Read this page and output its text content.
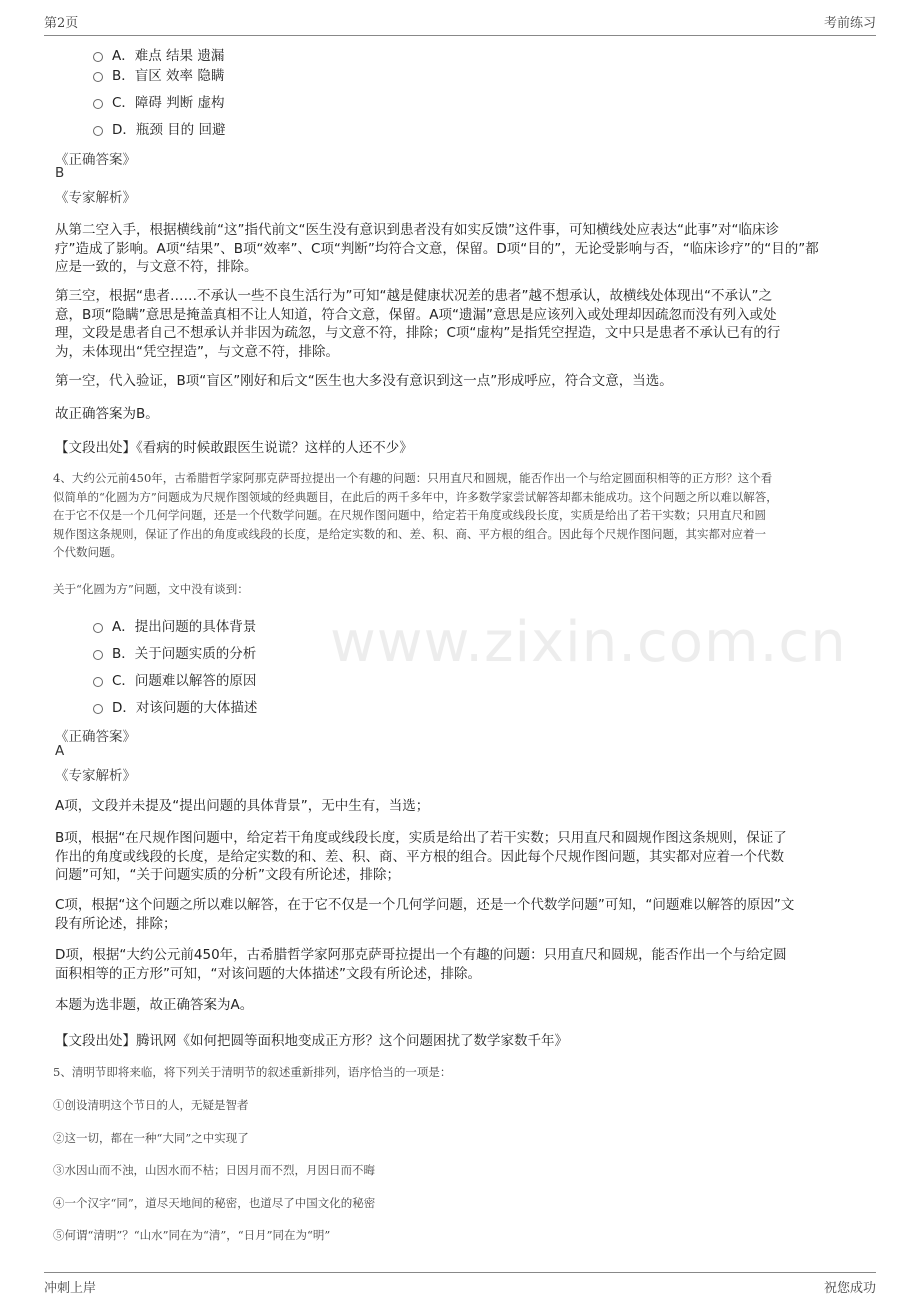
第2页	考前练习
www.zixin.com.cn
A．难点 结果 遗漏
B．盲区 效率 隐瞒
C．障碍 判断 虚构
D．瓶颈 目的 回避
《正确答案》
B
《专家解析》
从第二空入手，根据横线前“这”指代前文“医生没有意识到患者没有如实反馈”这件事，可知横线处应表达“此事”对“临床诊
疗”造成了影响。A项“结果”、B项“效率”、C项“判断”均符合文意，保留。D项“目的”，无论受影响与否，“临床诊疗”的“目的”都
应是一致的，与文意不符，排除。
第三空，根据“患者……不承认一些不良生活行为”可知“越是健康状况差的患者”越不想承认，故横线处体现出“不承认”之
意，B项“隐瞒”意思是掩盖真相不让人知道，符合文意，保留。A项“遗漏”意思是应该列入或处理却因疏忽而没有列入或处
理，文段是患者自己不想承认并非因为疏忽，与文意不符，排除；C项“虚构”是指凭空捏造，文中只是患者不承认已有的行
为，未体现出“凭空捏造”，与文意不符，排除。
第一空，代入验证，B项“盲区”刚好和后文“医生也大多没有意识到这一点”形成呼应，符合文意，当选。
故正确答案为B。
【文段出处】《看病的时候敢跟医生说谎？这样的人还不少》
4、大约公元前450年，古希腊哲学家阿那克萨哥拉提出一个有趣的问题：只用直尺和圆规，能否作出一个与给定圆面积相等的正方形？这个看
似简单的“化圆为方”问题成为尺规作图领域的经典题目，在此后的两千多年中，许多数学家尝试解答却都未能成功。这个问题之所以难以解答，
在于它不仅是一个几何学问题，还是一个代数学问题。在尺规作图问题中，给定若干角度或线段长度，实质是给出了若干实数；只用直尺和圆
规作图这条规则，保证了作出的角度或线段的长度，是给定实数的和、差、积、商、平方根的组合。因此每个尺规作图问题，其实都对应着一
个代数问题。
关于“化圆为方”问题，文中没有谈到：
A．提出问题的具体背景
B．关于问题实质的分析
C．问题难以解答的原因
D．对该问题的大体描述
《正确答案》
A
《专家解析》
A项，文段并未提及“提出问题的具体背景”，无中生有，当选；
B项，根据“在尺规作图问题中，给定若干角度或线段长度，实质是给出了若干实数；只用直尺和圆规作图这条规则，保证了
作出的角度或线段的长度，是给定实数的和、差、积、商、平方根的组合。因此每个尺规作图问题，其实都对应着一个代数
问题”可知，“关于问题实质的分析”文段有所论述，排除；
C项，根据“这个问题之所以难以解答，在于它不仅是一个几何学问题，还是一个代数学问题”可知，“问题难以解答的原因”文
段有所论述，排除；
D项，根据“大约公元前450年，古希腊哲学家阿那克萨哥拉提出一个有趣的问题：只用直尺和圆规，能否作出一个与给定圆
面积相等的正方形”可知，“对该问题的大体描述”文段有所论述，排除。
本题为选非题，故正确答案为A。
【文段出处】腾讯网《如何把圆等面积地变成正方形？这个问题困扰了数学家数千年》
5、清明节即将来临，将下列关于清明节的叙述重新排列，语序恰当的一项是：
①创设清明这个节日的人，无疑是智者
②这一切，都在一种“大同”之中实现了
③水因山而不浊，山因水而不枯；日因月而不烈，月因日而不晦
④一个汉字“同”，道尽天地间的秘密，也道尽了中国文化的秘密
⑤何谓“清明”？“山水”同在为“清”，“日月”同在为“明”
冲刺上岸	祝您成功
